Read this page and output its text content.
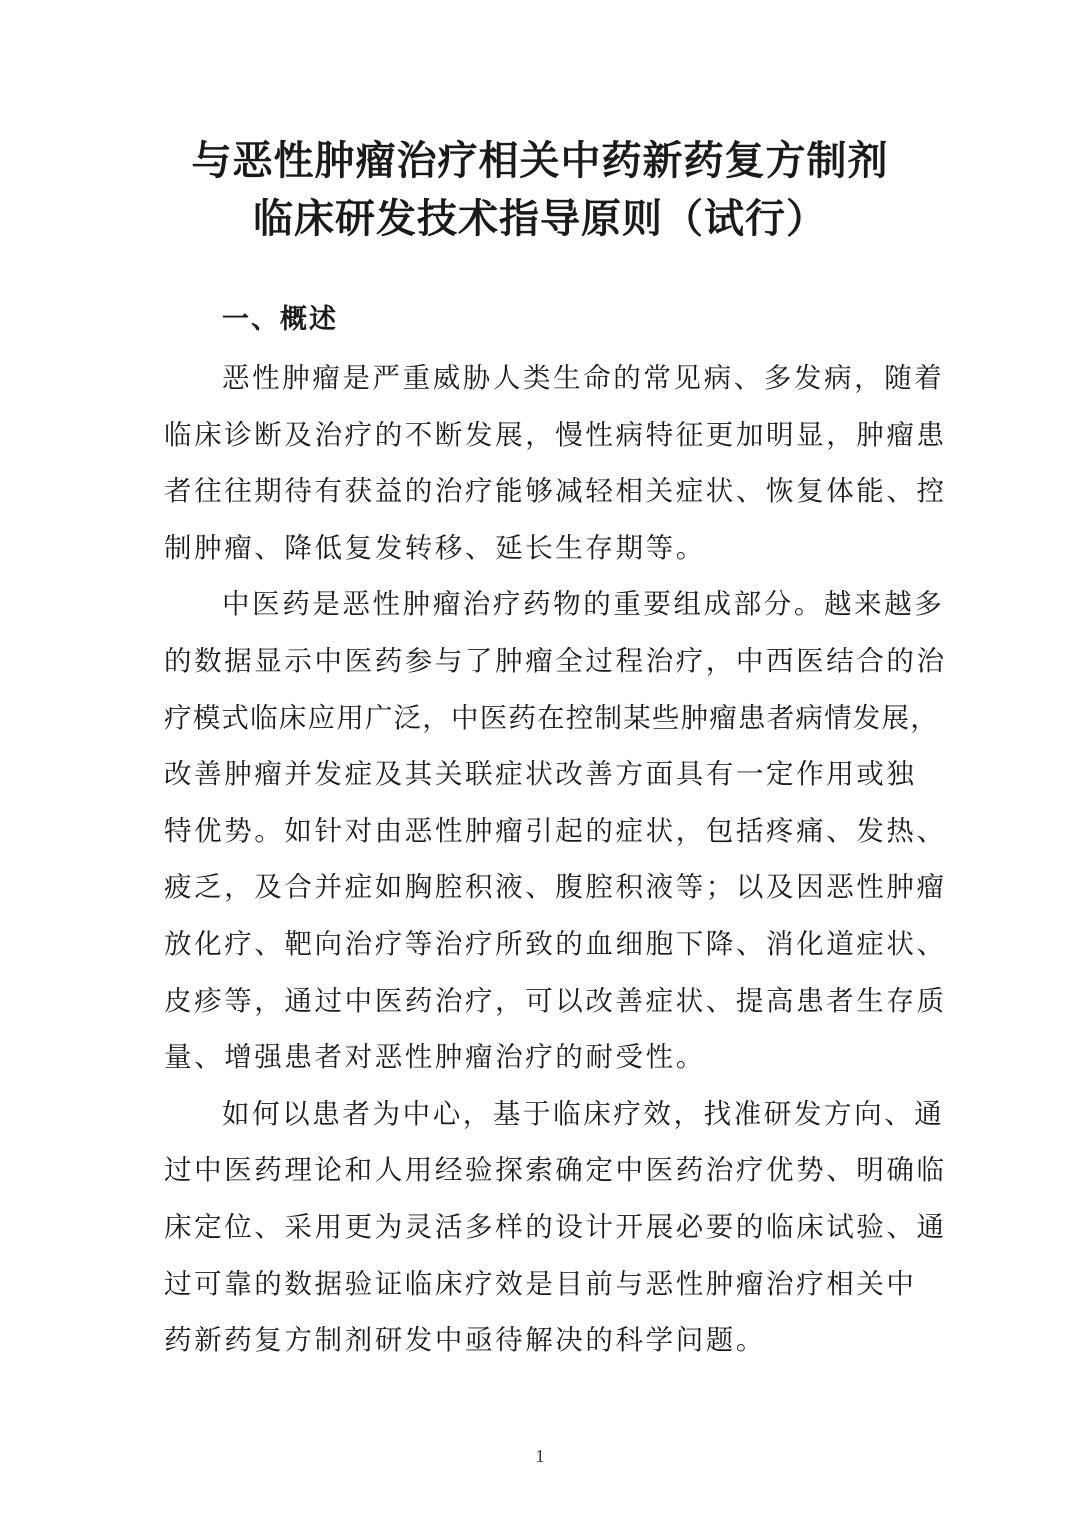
与恶性肿瘤治疗相关中药新药复方制剂
临床研发技术指导原则（试行）
一、概述
恶性肿瘤是严重威胁人类生命的常见病、多发病，随着
临床诊断及治疗的不断发展，慢性病特征更加明显，肿瘤患
者往往期待有获益的治疗能够减轻相关症状、恢复体能、控
制肿瘤、降低复发转移、延长生存期等。
中医药是恶性肿瘤治疗药物的重要组成部分。越来越多
的数据显示中医药参与了肿瘤全过程治疗，中西医结合的治
疗模式临床应用广泛，中医药在控制某些肿瘤患者病情发展，
改善肿瘤并发症及其关联症状改善方面具有一定作用或独
特优势。如针对由恶性肿瘤引起的症状，包括疼痛、发热、
疲乏，及合并症如胸腔积液、腹腔积液等；以及因恶性肿瘤
放化疗、靶向治疗等治疗所致的血细胞下降、消化道症状、
皮疹等，通过中医药治疗，可以改善症状、提高患者生存质
量、增强患者对恶性肿瘤治疗的耐受性。
如何以患者为中心，基于临床疗效，找准研发方向、通
过中医药理论和人用经验探索确定中医药治疗优势、明确临
床定位、采用更为灵活多样的设计开展必要的临床试验、通
过可靠的数据验证临床疗效是目前与恶性肿瘤治疗相关中
药新药复方制剂研发中亟待解决的科学问题。
1
